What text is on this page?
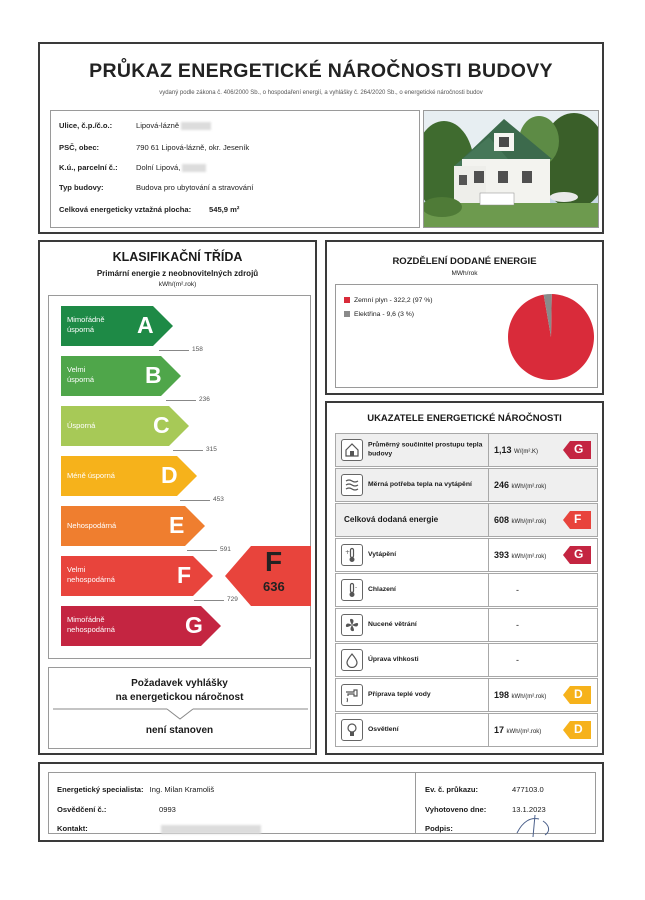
PRŮKAZ ENERGETICKÉ NÁROČNOSTI BUDOVY
vydaný podle zákona č. 406/2000 Sb., o hospodaření energií, a vyhlášky č. 264/2020 Sb., o energetické náročnosti budov
Ulice, č.p./č.o.:	Lipová-lázně
PSČ, obec:	790 61 Lipová-lázně, okr. Jeseník
K.ú., parcelní č.: Dolní Lipová,
Typ budovy:	Budova pro ubytování a stravování
Celková energeticky vztažná plocha: 545,9 m²
KLASIFIKAČNÍ TŘÍDA
Primární energie z neobnovitelných zdrojů
kWh/(m².rok)
Mimořádně
úsporná	A
Velmi
úsporná B
Úsporná	C
Méně úsporná D
Nehospodárná E
Velmi
nehospodárná	F
Mimořádně
nehospodárná	G
158
236
315
453
591
729
F
636
Požadavek vyhlášky
na energetickou náročnost
není stanoven
ROZDĚLENÍ DODANÉ ENERGIE
MWh/rok
Zemní plyn - 322,2 (97 %)
Elektřina - 9,6 (3 %)
UKAZATELE ENERGETICKÉ NÁROČNOSTI
Průměrný součinitel prostupu tepla budovy	1,13 W/(m².K)	G
Měrná potřeba tepla na vytápění	246 kWh/(m².rok)
Celková dodaná energie	608 kWh/(m².rok) F
+	Vytápění	393 kWh/(m².rok) G
- Chlazení	-
Nucené větrání	-
Úprava vlhkosti	-
Příprava teplé vody	198 kWh/(m².rok) D
Osvětlení	17 kWh/(m².rok)	D
Energetický specialista: Ing. Milan Kramoliš
Osvědčení č.:	0993
Kontakt:
Ev. č. průkazu:	477103.0
Vyhotoveno dne:	13.1.2023
Podpis:
